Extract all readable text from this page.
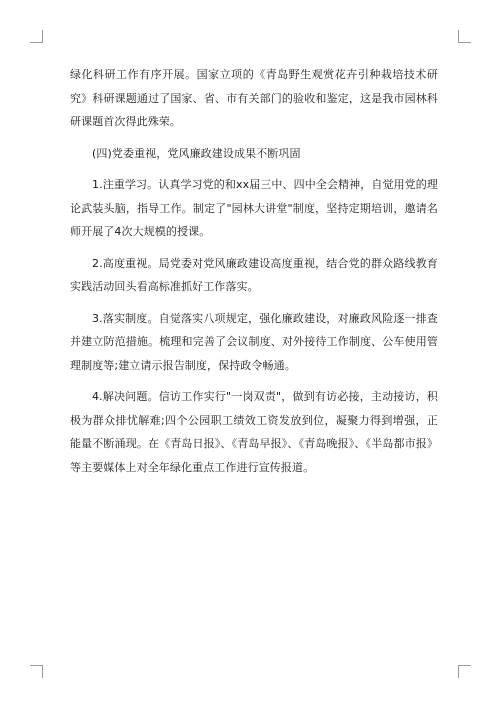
绿化科研工作有序开展。国家立项的《青岛野生观赏花卉引种栽培技术研究》科研课题通过了国家、省、市有关部门的验收和鉴定，这是我市园林科研课题首次得此殊荣。

(四)党委重视，党风廉政建设成果不断巩固

1.注重学习。认真学习党的和xx届三中、四中全会精神，自觉用党的理论武装头脑，指导工作。制定了"园林大讲堂"制度，坚持定期培训，邀请名师开展了4次大规模的授课。

2.高度重视。局党委对党风廉政建设高度重视，结合党的群众路线教育实践活动回头看高标准抓好工作落实。

3.落实制度。自觉落实八项规定，强化廉政建设，对廉政风险逐一排查并建立防范措施。梳理和完善了会议制度、对外接待工作制度、公车使用管理制度等;建立请示报告制度，保持政令畅通。

4.解决问题。信访工作实行"一岗双责"，做到有访必接，主动接访，积极为群众排忧解难;四个公园职工绩效工资发放到位，凝聚力得到增强，正能量不断涌现。在《青岛日报》、《青岛早报》、《青岛晚报》、《半岛都市报》等主要媒体上对全年绿化重点工作进行宣传报道。
